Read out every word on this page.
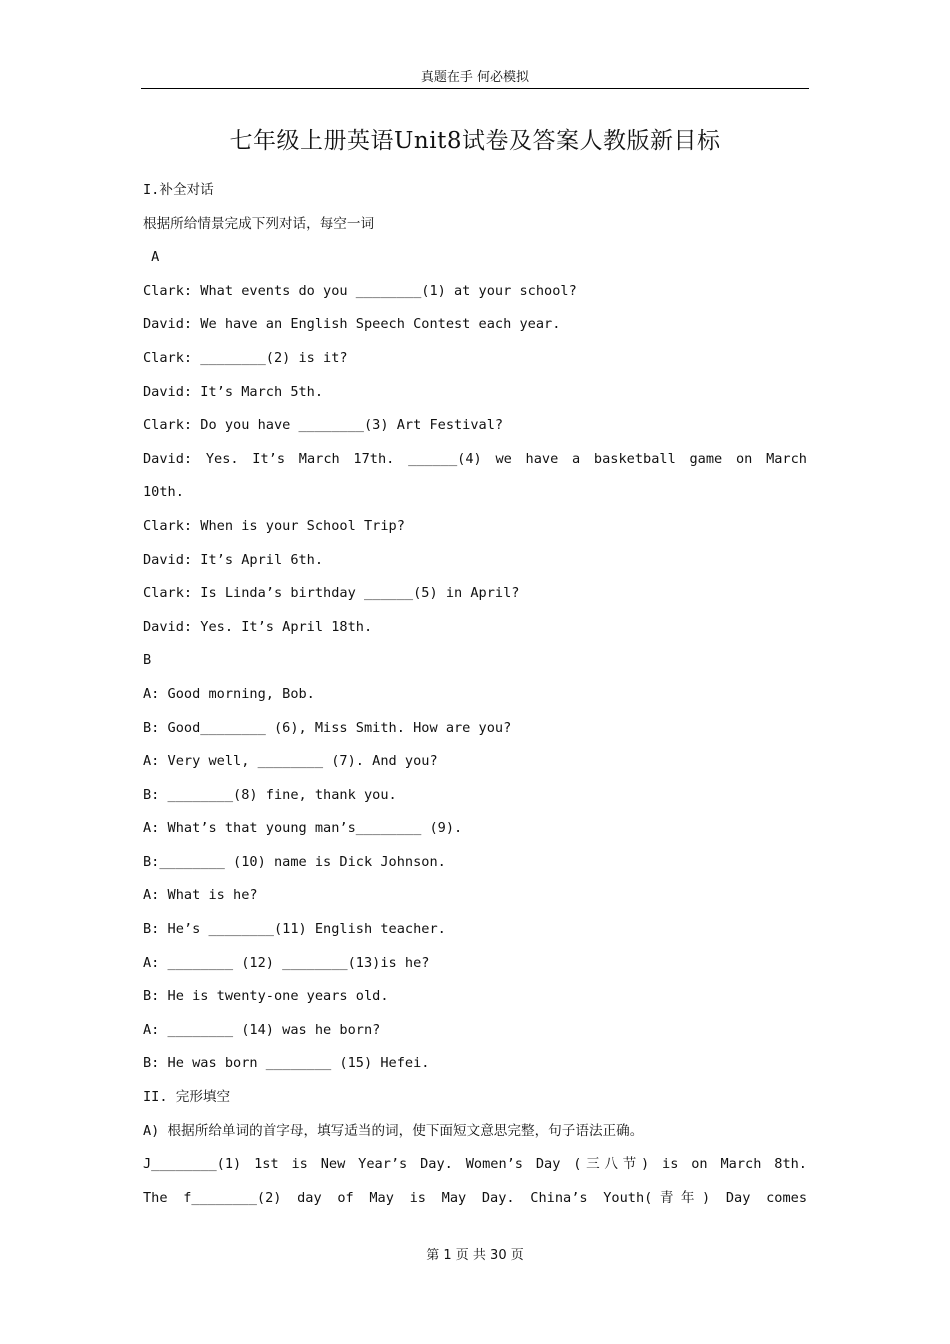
真题在手 何必模拟
七年级上册英语Unit8试卷及答案人教版新目标
I.补全对话
根据所给情景完成下列对话，每空一词
A
Clark: What events do you ________(1) at your school?
David: We have an English Speech Contest each year.
Clark: ________(2) is it?
David: It’s March 5th.
Clark: Do you have ________(3) Art Festival?
David: Yes. It’s March 17th. ______(4) we have a basketball game on March
10th.
Clark: When is your School Trip?
David: It’s April 6th.
Clark: Is Linda’s birthday ______(5) in April?
David: Yes. It’s April 18th.
B
A: Good morning, Bob.
B: Good________ (6), Miss Smith. How are you?
A: Very well, ________ (7). And you?
B: ________(8) fine, thank you.
A: What’s that young man’s________ (9).
B:________ (10) name is Dick Johnson.
A: What is he?
B: He’s ________(11) English teacher.
A: ________ (12) ________(13)is he?
B: He is twenty-one years old.
A: ________ (14) was he born?
B: He was born ________ (15) Hefei.
II. 完形填空
A) 根据所给单词的首字母，填写适当的词，使下面短文意思完整，句子语法正确。
J________(1) 1st is New Year’s Day. Women’s Day (三八节) is on March 8th.
The f________(2) day of May is May Day. China’s Youth(青年) Day comes
第 1 页 共 30 页
